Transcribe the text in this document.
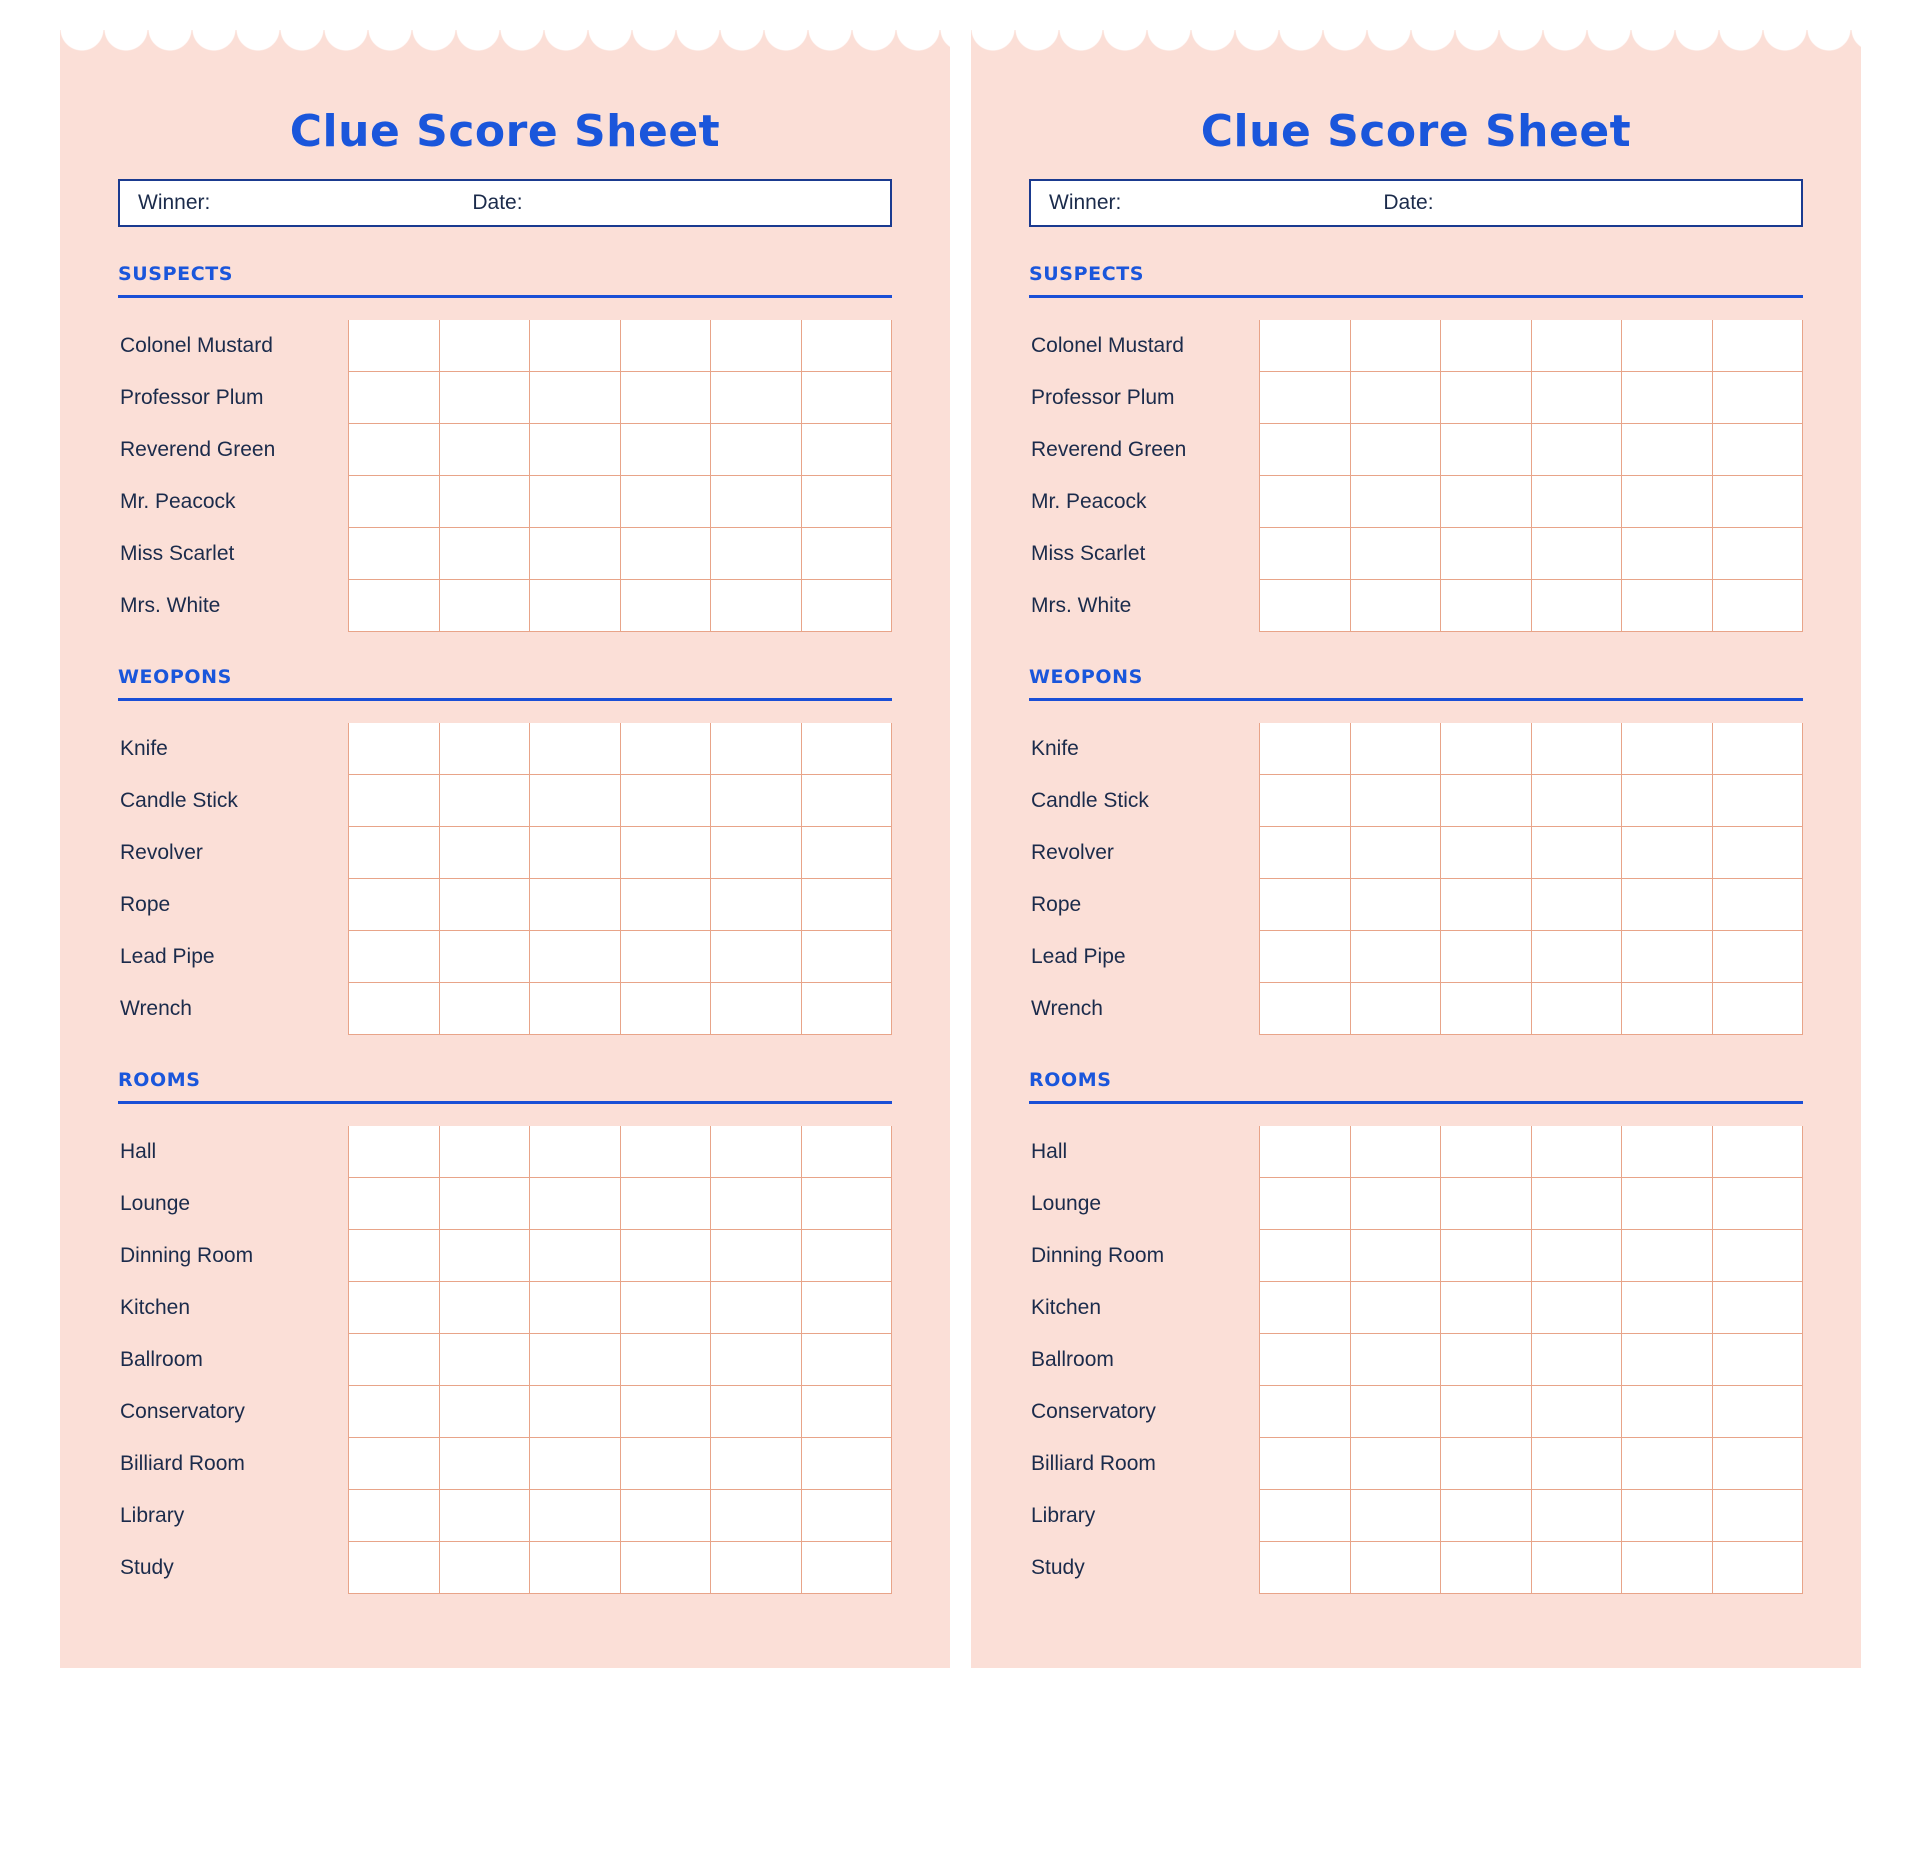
Clue Score Sheet
Winner:	Date:
SUSPECTS
Colonel Mustard
Professor Plum
Reverend Green
Mr. Peacock
Miss Scarlet
Mrs. White
WEOPONS
Knife
Candle Stick
Revolver
Rope
Lead Pipe
Wrench
ROOMS
Hall
Lounge
Dinning Room
Kitchen
Ballroom
Conservatory
Billiard Room
Library
Study
Clue Score Sheet
Winner:	Date:
SUSPECTS
Colonel Mustard
Professor Plum
Reverend Green
Mr. Peacock
Miss Scarlet
Mrs. White
WEOPONS
Knife
Candle Stick
Revolver
Rope
Lead Pipe
Wrench
ROOMS
Hall
Lounge
Dinning Room
Kitchen
Ballroom
Conservatory
Billiard Room
Library
Study
